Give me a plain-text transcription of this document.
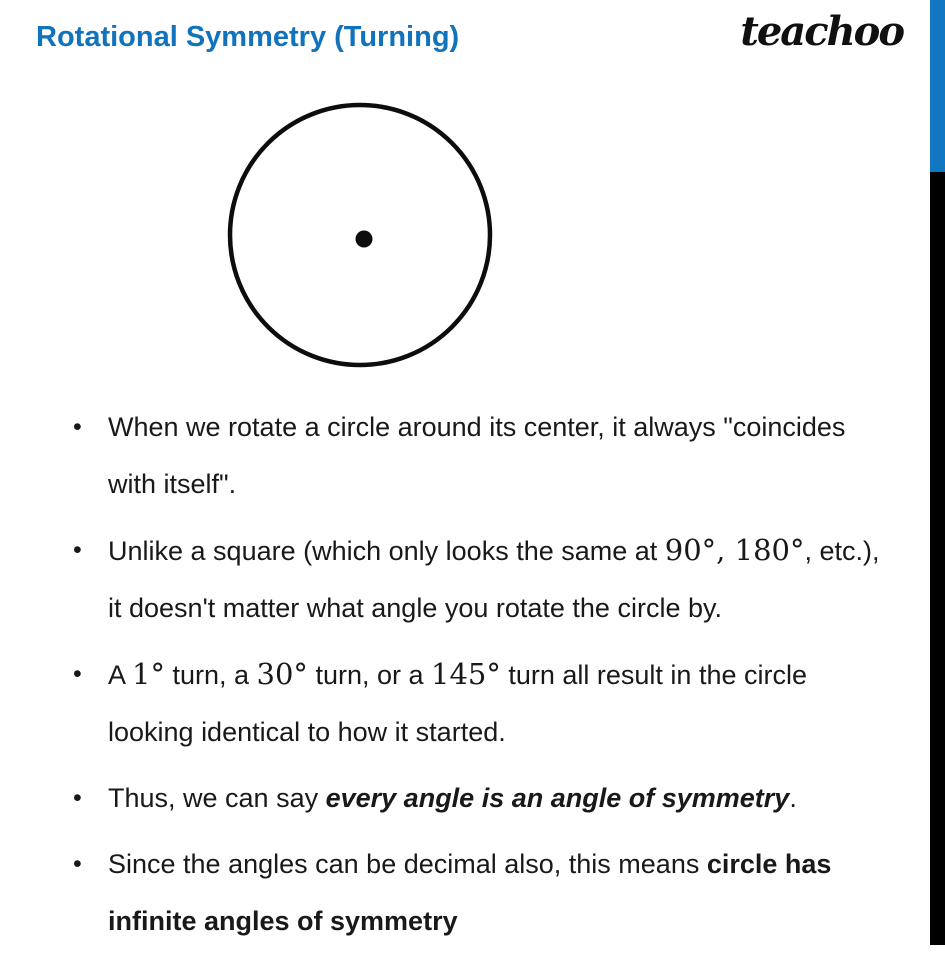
Rotational Symmetry (Turning)	teachoo
• When we rotate a circle around its center, it always "coincides
with itself".
• Unlike a square (which only looks the same at 90°, 180°, etc.),
it doesn't matter what angle you rotate the circle by.
• A 1° turn, a 30° turn, or a 145° turn all result in the circle
looking identical to how it started.
• Thus, we can say every angle is an angle of symmetry.
• Since the angles can be decimal also, this means circle has
infinite angles of symmetry
